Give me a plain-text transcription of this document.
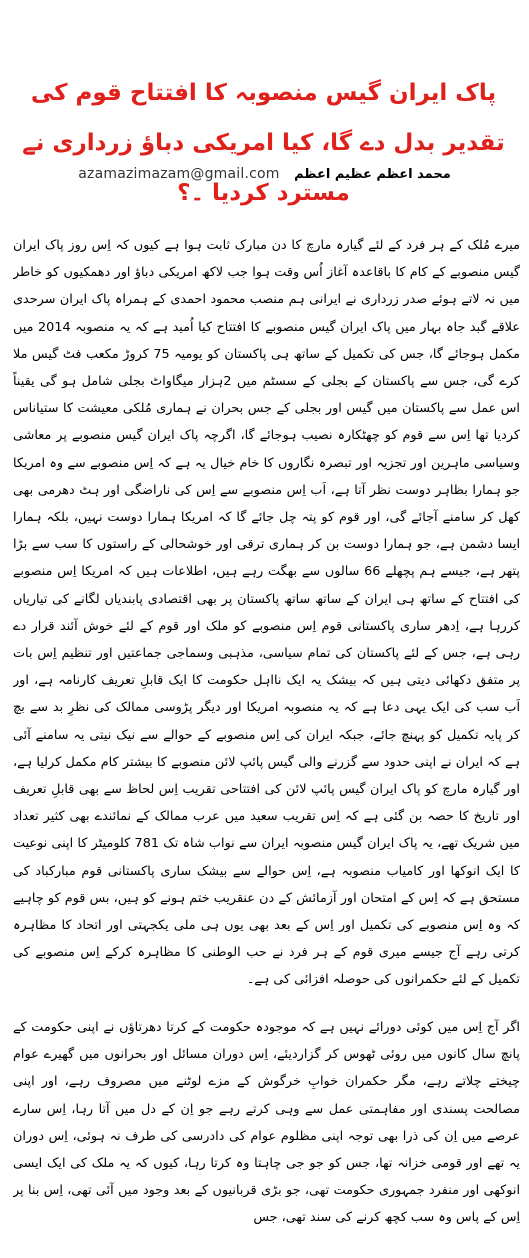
پاک ایران گیس منصوبہ کا افتتاح قوم کی تقدیر بدل دے گا، کیا امریکی دباؤ زرداری نے مسترد کردیا ۔؟
azamazimazam@gmail.com محمد اعظم عظیم اعظم

میرے مُلک کے ہر فرد کے لئے گیارہ مارچ کا دن مبارک ثابت ہوا ہے کیوں کہ اِس روز پاک ایران گیس منصوبے کے کام کا باقاعدہ آغاز اُس وقت ہوا جب لاکھ امریکی دباؤ اور دھمکیوں کو خاطر میں نہ لاتے ہوئے صدر زرداری نے ایرانی ہم منصب محمود احمدی کے ہمراہ پاک ایران سرحدی علاقے گبد جاہ بہار میں پاک ایران گیس منصوبے کا افتتاح کیا اُمید ہے کہ یہ منصوبہ 2014 میں مکمل ہوجائے گا، جس کی تکمیل کے ساتھ ہی پاکستان کو یومیہ 75 کروڑ مکعب فٹ گیس ملا کرے گی، جس سے پاکستان کے بجلی کے سسٹم میں 2ہزار میگاواٹ بجلی شامل ہو گی یقیناً اس عمل سے پاکستان میں گیس اور بجلی کے جس بحران نے ہماری مُلکی معیشت کا ستیاناس کردیا تھا اِس سے قوم کو چھٹکارہ نصیب ہوجائے گا، اگرچہ پاک ایران گیس منصوبے پر معاشی وسیاسی ماہرین اور تجزیہ اور تبصرہ نگاروں کا خام خیال یہ ہے کہ اِس منصوبے سے وہ امریکا جو ہمارا بظاہر دوست نظر آتا ہے، اَب اِس منصوبے سے اِس کی ناراضگی اور ہٹ دھرمی بھی کھل کر سامنے آجائے گی، اور قوم کو پتہ چل جائے گا کہ امریکا ہمارا دوست نہیں، بلکہ ہمارا ایسا دشمن ہے، جو ہمارا دوست بن کر ہماری ترقی اور خوشحالی کے راستوں کا سب سے بڑا پتھر ہے، جیسے ہم پچھلے 66 سالوں سے بھگت رہے ہیں، اطلاعات ہیں کہ امریکا اِس منصوبے کی افتتاح کے ساتھ ہی ایران کے ساتھ ساتھ پاکستان پر بھی اقتصادی پابندیاں لگانے کی تیاریاں کررہا ہے، اِدھر ساری پاکستانی قوم اِس منصوبے کو ملک اور قوم کے لئے خوش آئند قرار دے رہی ہے، جس کے لئے پاکستان کی تمام سیاسی، مذہبی وسماجی جماعتیں اور تنظیم اِس بات پر متفق دکھائی دیتی ہیں کہ بیشک یہ ایک نااہل حکومت کا ایک قابلِ تعریف کارنامہ ہے، اور اَب سب کی ایک یہی دعا ہے کہ یہ منصوبہ امریکا اور دیگر پڑوسی ممالک کی نظرِ بد سے بچ کر پایہ تکمیل کو پہنچ جائے، جبکہ ایران کی اِس منصوبے کے حوالے سے نیک نیتی یہ سامنے آئی ہے کہ ایران نے اپنی حدود سے گزرنے والی گیس پائپ لائن منصوبے کا بیشتر کام مکمل کرلیا ہے، اور گیارہ مارچ کو پاک ایران گیس پائپ لائن کی افتتاحی تقریب اِس لحاظ سے بھی قابلِ تعریف اور تاریخ کا حصہ بن گئی ہے کہ اِس تقریب سعید میں عرب ممالک کے نمائندے بھی کثیر تعداد میں شریک تھے، یہ پاک ایران گیس منصوبہ ایران سے نواب شاہ تک 781 کلومیٹر کا اپنی نوعیت کا ایک انوکھا اور کامیاب منصوبہ ہے، اِس حوالے سے بیشک ساری پاکستانی قوم مبارکباد کی مستحق ہے کہ اِس کے امتحان اور آزمائش کے دن عنقریب ختم ہونے کو ہیں، بس قوم کو چاہیے کہ وہ اِس منصوبے کی تکمیل اور اِس کے بعد بھی یوں ہی ملی یکجہتی اور اتحاد کا مظاہرہ کرتی رہے آج جیسے میری قوم کے ہر فرد نے حب الوطنی کا مظاہرہ کرکے اِس منصوبے کی تکمیل کے لئے حکمرانوں کی حوصلہ افزائی کی ہے۔

اگر آج اِس میں کوئی دورائے نہیں ہے کہ موجودہ حکومت کے کرتا دھرتاؤں نے اپنی حکومت کے پانچ سال کانوں میں روئی ٹھوس کر گزاردیئے، اِس دوران مسائل اور بحرانوں میں گھیرے عوام چیختے چلاتے رہے، مگر حکمران خوابِ خرگوش کے مزے لوٹنے میں مصروف رہے، اور اپنی مصالحت پسندی اور مفاہمتی عمل سے وہی کرتے رہے جو اِن کے دل میں آتا رہا، اِس سارے عرصے میں اِن کی ذرا بھی توجہ اپنی مظلوم عوام کی دادرسی کی طرف نہ ہوئی، اِس دوران یہ تھے اور قومی خزانہ تھا، جس کو جو جی چاہتا وہ کرتا رہا، کیوں کہ یہ ملک کی ایک ایسی انوکھی اور منفرد جمہوری حکومت تھی، جو بڑی قربانیوں کے بعد وجود میں آئی تھی، اِس بنا پر اِس کے پاس وہ سب کچھ کرنے کی سند تھی، جس
